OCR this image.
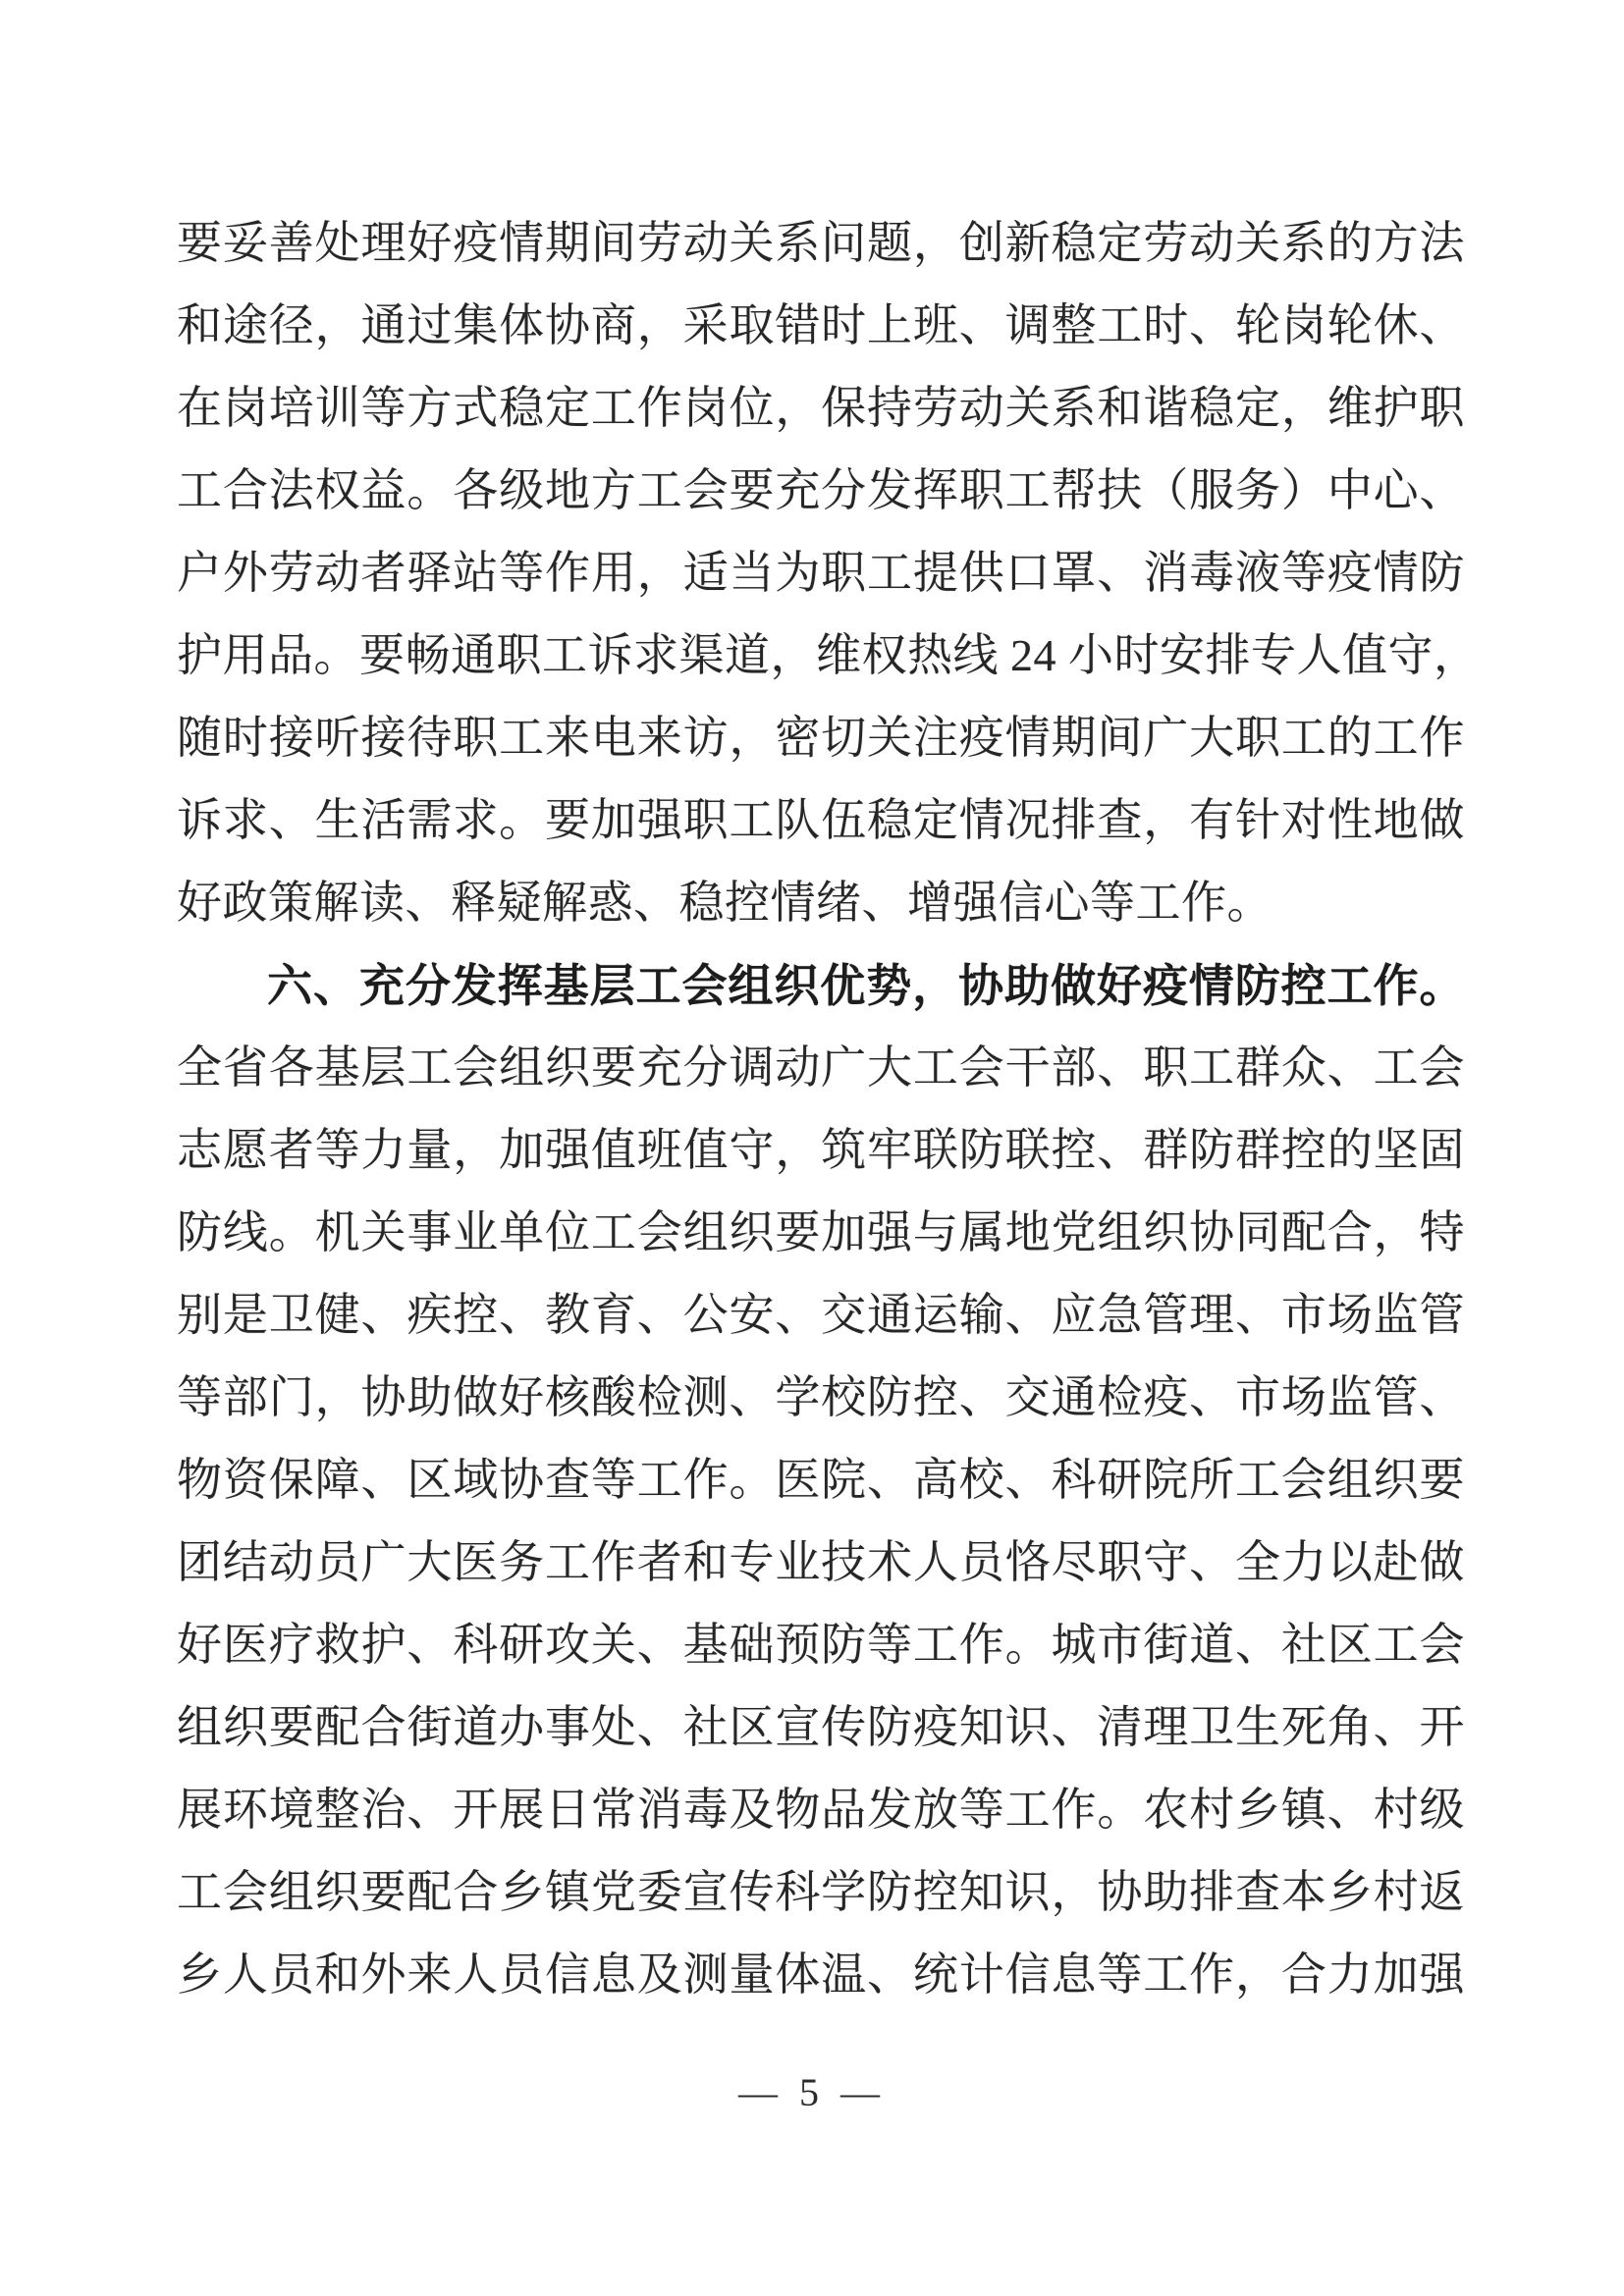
要妥善处理好疫情期间劳动关系问题，创新稳定劳动关系的方法
和途径，通过集体协商，采取错时上班、调整工时、轮岗轮休、
在岗培训等方式稳定工作岗位，保持劳动关系和谐稳定，维护职
工合法权益。各级地方工会要充分发挥职工帮扶（服务）中心、
户外劳动者驿站等作用，适当为职工提供口罩、消毒液等疫情防
护用品。要畅通职工诉求渠道，维权热线 24 小时安排专人值守，
随时接听接待职工来电来访，密切关注疫情期间广大职工的工作
诉求、生活需求。要加强职工队伍稳定情况排查，有针对性地做
好政策解读、释疑解惑、稳控情绪、增强信心等工作。
六、充分发挥基层工会组织优势，协助做好疫情防控工作。
全省各基层工会组织要充分调动广大工会干部、职工群众、工会
志愿者等力量，加强值班值守，筑牢联防联控、群防群控的坚固
防线。机关事业单位工会组织要加强与属地党组织协同配合，特
别是卫健、疾控、教育、公安、交通运输、应急管理、市场监管
等部门，协助做好核酸检测、学校防控、交通检疫、市场监管、
物资保障、区域协查等工作。医院、高校、科研院所工会组织要
团结动员广大医务工作者和专业技术人员恪尽职守、全力以赴做
好医疗救护、科研攻关、基础预防等工作。城市街道、社区工会
组织要配合街道办事处、社区宣传防疫知识、清理卫生死角、开
展环境整治、开展日常消毒及物品发放等工作。农村乡镇、村级
工会组织要配合乡镇党委宣传科学防控知识，协助排查本乡村返
乡人员和外来人员信息及测量体温、统计信息等工作，合力加强
— 5 —
